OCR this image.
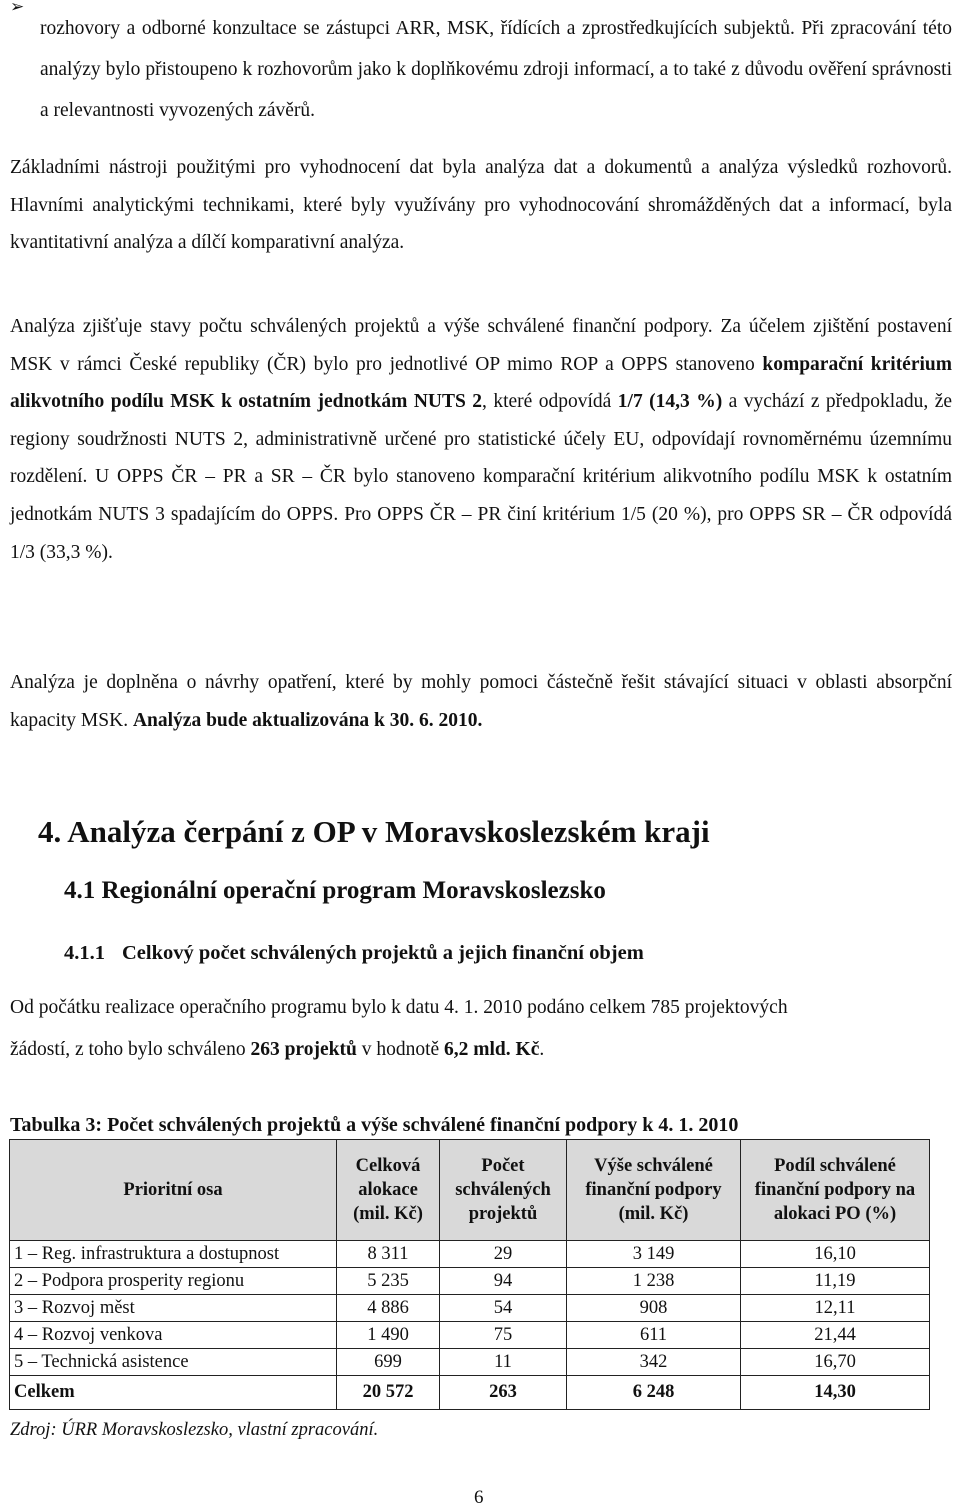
➢

rozhovory a odborné konzultace se zástupci ARR, MSK, řídících a zprostředkujících subjektů. Při zpracování této analýzy bylo přistoupeno k rozhovorům jako k doplňkovému zdroji informací, a to také z důvodu ověření správnosti a relevantnosti vyvozených závěrů.

Základními nástroji použitými pro vyhodnocení dat byla analýza dat a dokumentů a analýza výsledků rozhovorů. Hlavními analytickými technikami, které byly využívány pro vyhodnocování shromážděných dat a informací, byla kvantitativní analýza a dílčí komparativní analýza.

Analýza zjišťuje stavy počtu schválených projektů a výše schválené finanční podpory. Za účelem zjištění postavení MSK v rámci České republiky (ČR) bylo pro jednotlivé OP mimo ROP a OPPS stanoveno komparační kritérium alikvotního podílu MSK k ostatním jednotkám NUTS 2, které odpovídá 1/7 (14,3 %) a vychází z předpokladu, že regiony soudržnosti NUTS 2, administrativně určené pro statistické účely EU, odpovídají rovnoměrnému územnímu rozdělení. U OPPS ČR – PR a SR – ČR bylo stanoveno komparační kritérium alikvotního podílu MSK k ostatním jednotkám NUTS 3 spadajícím do OPPS. Pro OPPS ČR – PR činí kritérium 1/5 (20 %), pro OPPS SR – ČR odpovídá 1/3 (33,3 %).

Analýza je doplněna o návrhy opatření, které by mohly pomoci částečně řešit stávající situaci v oblasti absorpční kapacity MSK. Analýza bude aktualizována k 30. 6. 2010.

4. Analýza čerpání z OP v Moravskoslezském kraji
4.1 Regionální operační program Moravskoslezsko
4.1.1 Celkový počet schválených projektů a jejich finanční objem
Od počátku realizace operačního programu bylo k datu 4. 1. 2010 podáno celkem 785 projektových
žádostí, z toho bylo schváleno 263 projektů v hodnotě 6,2 mld. Kč.
Tabulka 3: Počet schválených projektů a výše schválené finanční podpory k 4. 1. 2010
Prioritní osa	Celková alokace (mil. Kč)	Počet schválených projektů	Výše schválené finanční podpory (mil. Kč)	Podíl schválené finanční podpory na alokaci PO (%)
1 – Reg. infrastruktura a dostupnost	8 311	29	3 149	16,10
2 – Podpora prosperity regionu	5 235	94	1 238	11,19
3 – Rozvoj měst	4 886	54	908	12,11
4 – Rozvoj venkova	1 490	75	611	21,44
5 – Technická asistence	699	11	342	16,70
Celkem	20 572	263	6 248	14,30
Zdroj: ÚRR Moravskoslezsko, vlastní zpracování.
6
